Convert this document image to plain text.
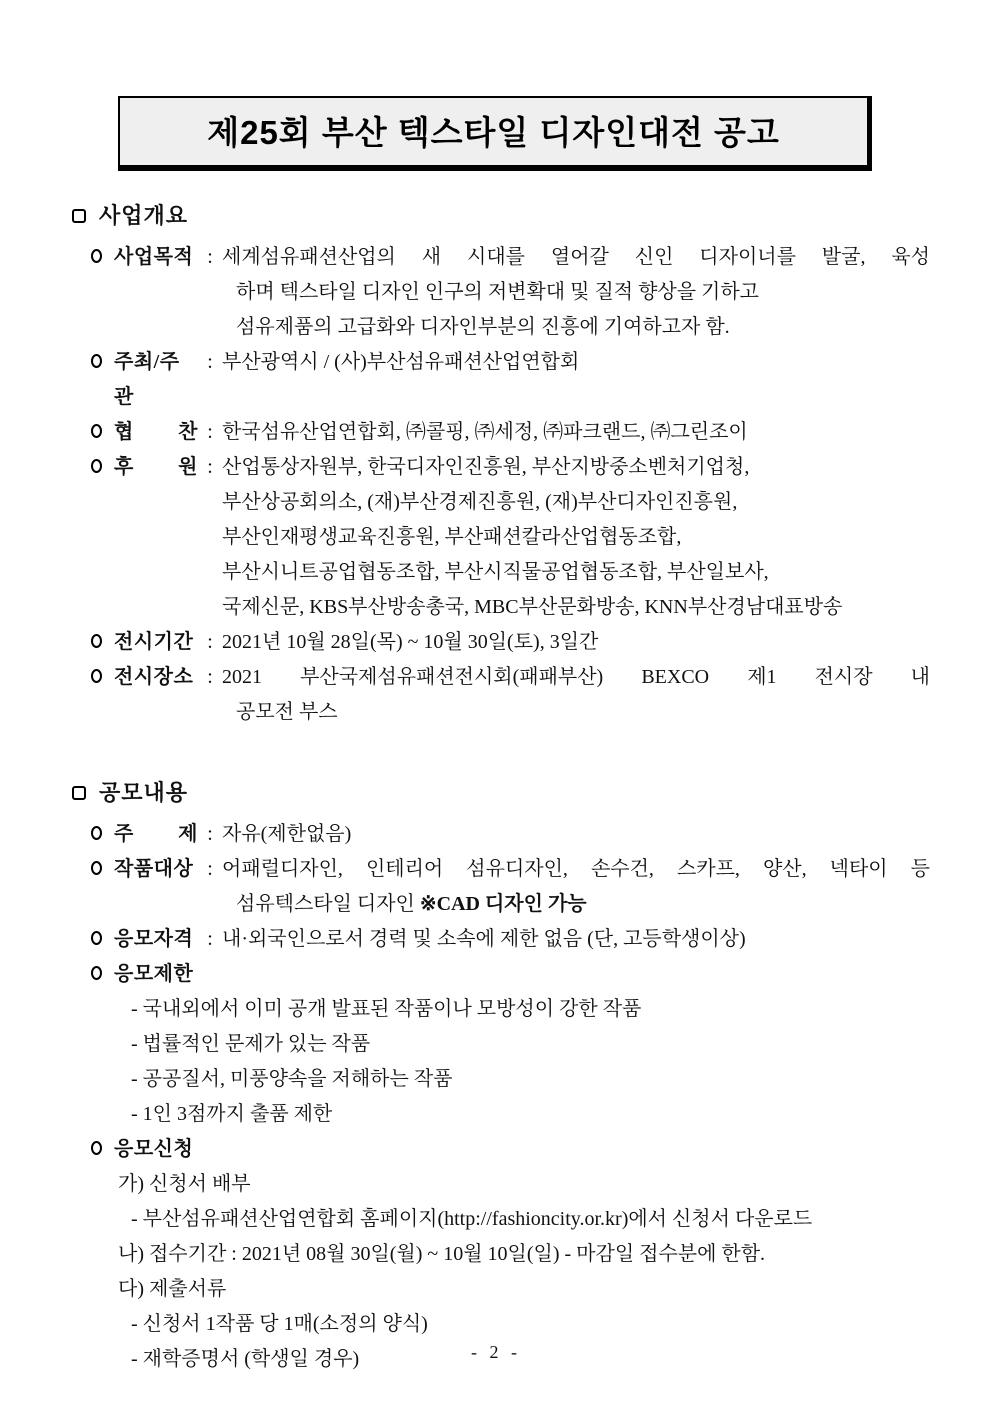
제25회 부산 텍스타일 디자인대전 공고
사업개요
사업목적 : 세계섬유패션산업의 새 시대를 열어갈 신인 디자이너를 발굴, 육성
하며 텍스타일 디자인 인구의 저변확대 및 질적 향상을 기하고
섬유제품의 고급화와 디자인부분의 진흥에 기여하고자 함.
주최/주관
: 부산광역시 / (사)부산섬유패션산업연합회
협 찬 : 한국섬유산업연합회, ㈜콜핑, ㈜세정, ㈜파크랜드, ㈜그린조이
후 원 : 산업통상자원부, 한국디자인진흥원, 부산지방중소벤처기업청,
부산상공회의소, (재)부산경제진흥원, (재)부산디자인진흥원,
부산인재평생교육진흥원, 부산패션칼라산업협동조합,
부산시니트공업협동조합, 부산시직물공업협동조합, 부산일보사,
국제신문, KBS부산방송총국, MBC부산문화방송, KNN부산경남대표방송
전시기간 : 2021년 10월 28일(목) ~ 10월 30일(토), 3일간
전시장소 : 2021 부산국제섬유패션전시회(패패부산) BEXCO 제1 전시장 내
공모전 부스
공모내용
주 제 : 자유(제한없음)
작품대상 : 어패럴디자인, 인테리어 섬유디자인, 손수건, 스카프, 양산, 넥타이 등
섬유텍스타일 디자인 ※CAD 디자인 가능
응모자격 : 내·외국인으로서 경력 및 소속에 제한 없음 (단, 고등학생이상)
응모제한
- 국내외에서 이미 공개 발표된 작품이나 모방성이 강한 작품
- 법률적인 문제가 있는 작품
- 공공질서, 미풍양속을 저해하는 작품
- 1인 3점까지 출품 제한
응모신청
가) 신청서 배부
- 부산섬유패션산업연합회 홈페이지(http://fashioncity.or.kr)에서 신청서 다운로드
나) 접수기간 : 2021년 08월 30일(월) ~ 10월 10일(일) - 마감일 접수분에 한함.
다) 제출서류
- 신청서 1작품 당 1매(소정의 양식)
- 재학증명서 (학생일 경우)	- 2 -
